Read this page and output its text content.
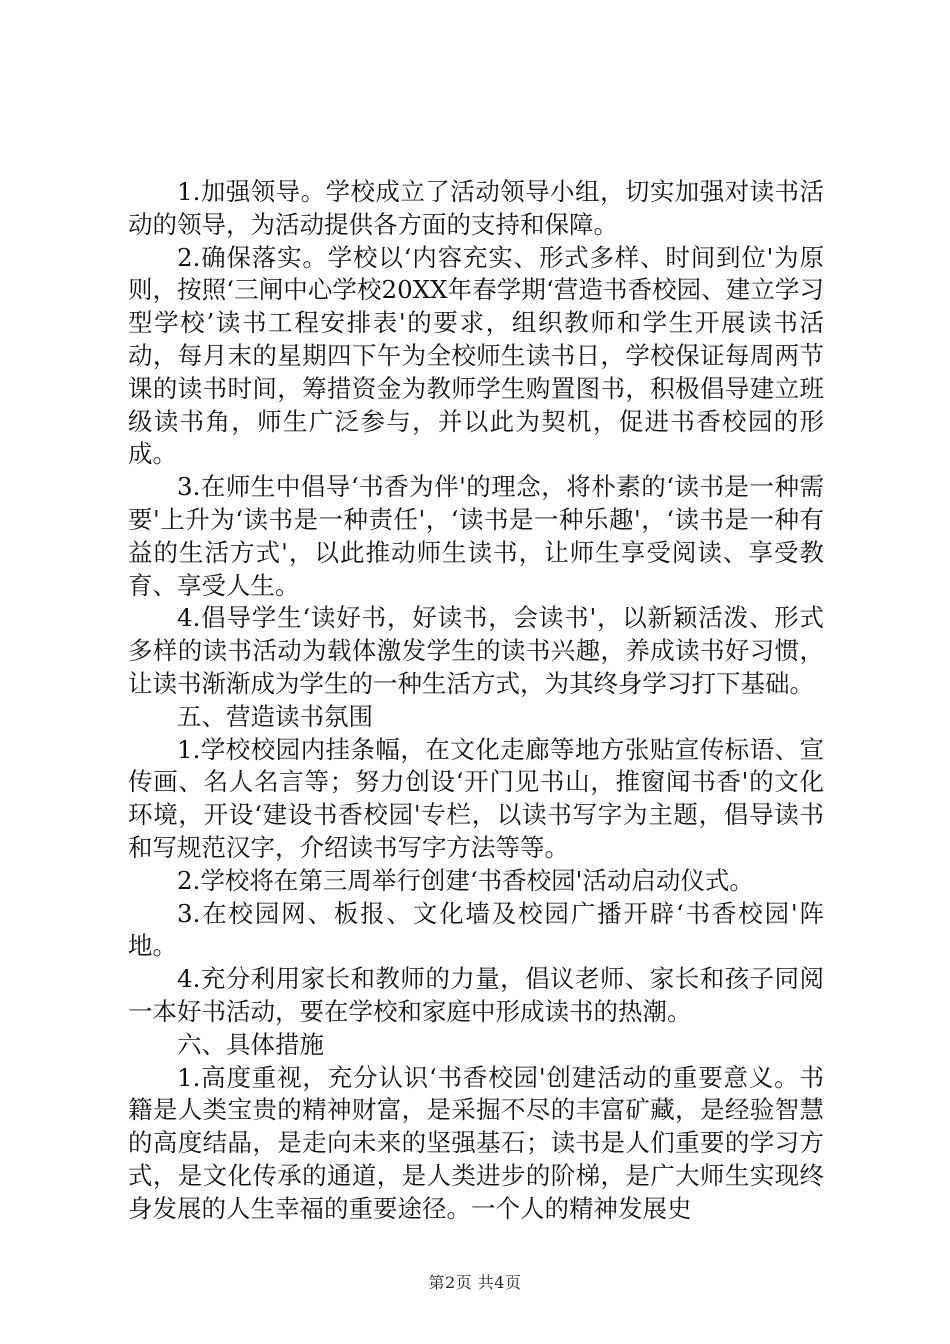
1.加强领导。学校成立了活动领导小组，切实加强对读书活动的领导，为活动提供各方面的支持和保障。

2.确保落实。学校以‘内容充实、形式多样、时间到位'为原则，按照‘三闸中心学校20XX年春学期‘营造书香校园、建立学习型学校’读书工程安排表'的要求，组织教师和学生开展读书活动，每月末的星期四下午为全校师生读书日，学校保证每周两节课的读书时间，筹措资金为教师学生购置图书，积极倡导建立班级读书角，师生广泛参与，并以此为契机，促进书香校园的形成。

3.在师生中倡导‘书香为伴'的理念，将朴素的‘读书是一种需要'上升为‘读书是一种责任'，‘读书是一种乐趣'，‘读书是一种有益的生活方式'，以此推动师生读书，让师生享受阅读、享受教育、享受人生。

4.倡导学生‘读好书，好读书，会读书'，以新颖活泼、形式多样的读书活动为载体激发学生的读书兴趣，养成读书好习惯，让读书渐渐成为学生的一种生活方式，为其终身学习打下基础。

五、营造读书氛围

1.学校校园内挂条幅，在文化走廊等地方张贴宣传标语、宣传画、名人名言等；努力创设‘开门见书山，推窗闻书香'的文化环境，开设‘建设书香校园'专栏，以读书写字为主题，倡导读书和写规范汉字，介绍读书写字方法等等。

2.学校将在第三周举行创建‘书香校园'活动启动仪式。

3.在校园网、板报、文化墙及校园广播开辟‘书香校园'阵地。

4.充分利用家长和教师的力量，倡议老师、家长和孩子同阅一本好书活动，要在学校和家庭中形成读书的热潮。

六、具体措施

1.高度重视，充分认识‘书香校园'创建活动的重要意义。书籍是人类宝贵的精神财富，是采掘不尽的丰富矿藏，是经验智慧的高度结晶，是走向未来的坚强基石；读书是人们重要的学习方式，是文化传承的通道，是人类进步的阶梯，是广大师生实现终身发展的人生幸福的重要途径。一个人的精神发展史

第2页 共4页
